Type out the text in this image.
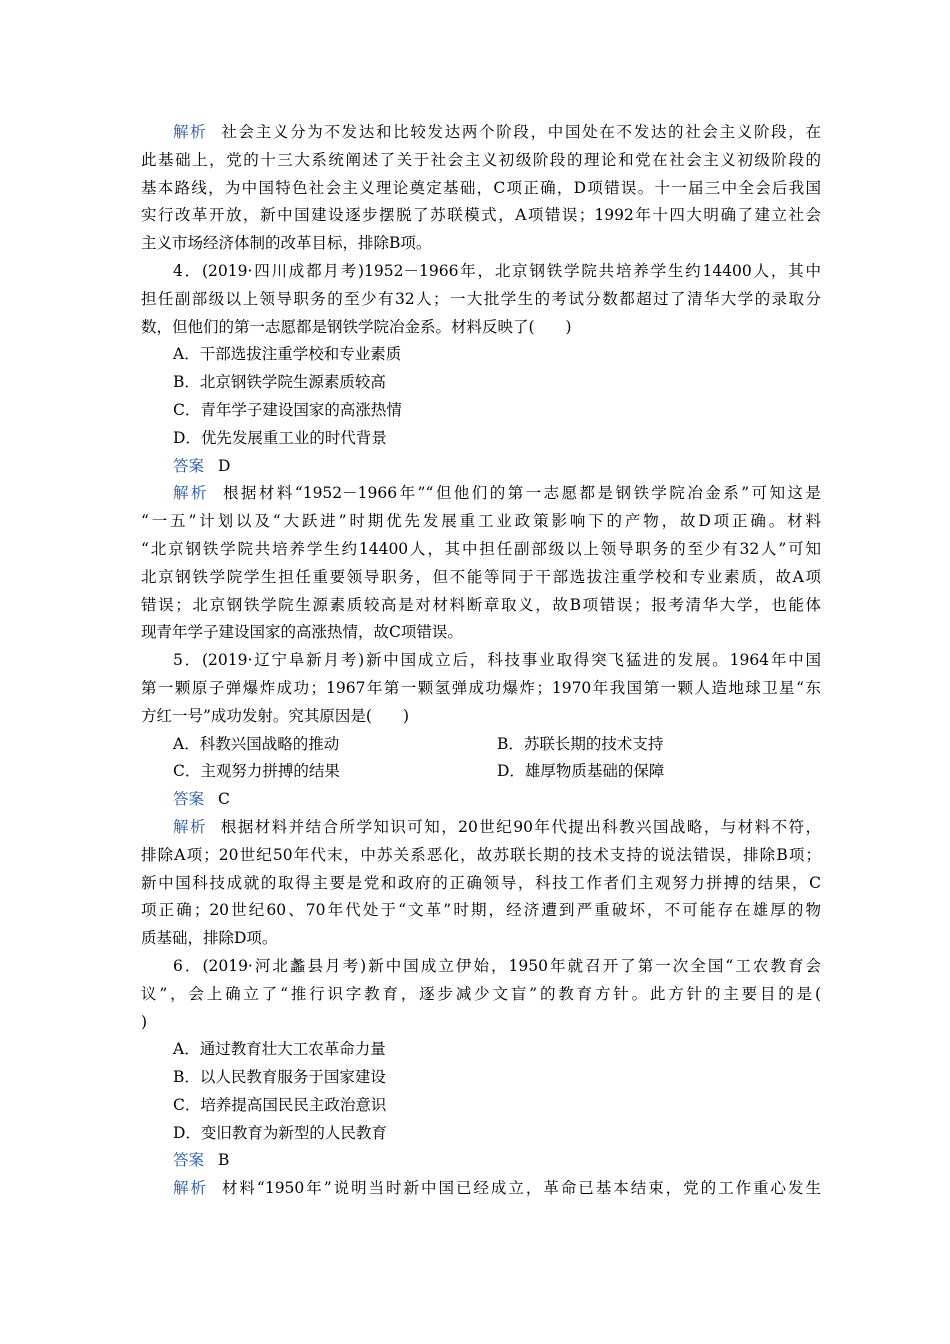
解析 社会主义分为不发达和比较发达两个阶段，中国处在不发达的社会主义阶段，在
此基础上，党的十三大系统阐述了关于社会主义初级阶段的理论和党在社会主义初级阶段的
基本路线，为中国特色社会主义理论奠定基础，C项正确，D项错误。十一届三中全会后我国
实行改革开放，新中国建设逐步摆脱了苏联模式，A项错误；1992年十四大明确了建立社会
主义市场经济体制的改革目标，排除B项。
4．(2019·四川成都月考)1952－1966年，北京钢铁学院共培养学生约14400人，其中
担任副部级以上领导职务的至少有32人；一大批学生的考试分数都超过了清华大学的录取分
数，但他们的第一志愿都是钢铁学院冶金系。材料反映了(　　)
A．干部选拔注重学校和专业素质
B．北京钢铁学院生源素质较高
C．青年学子建设国家的高涨热情
D．优先发展重工业的时代背景
答案 D
解析 根据材料“1952－1966年”“但他们的第一志愿都是钢铁学院冶金系”可知这是
“一五”计划以及“大跃进”时期优先发展重工业政策影响下的产物，故D项正确。材料
“北京钢铁学院共培养学生约14400人，其中担任副部级以上领导职务的至少有32人”可知
北京钢铁学院学生担任重要领导职务，但不能等同于干部选拔注重学校和专业素质，故A项
错误；北京钢铁学院生源素质较高是对材料断章取义，故B项错误；报考清华大学，也能体
现青年学子建设国家的高涨热情，故C项错误。
5．(2019·辽宁阜新月考)新中国成立后，科技事业取得突飞猛进的发展。1964年中国
第一颗原子弹爆炸成功；1967年第一颗氢弹成功爆炸；1970年我国第一颗人造地球卫星“东
方红一号”成功发射。究其原因是(　　)
A．科教兴国战略的推动	B．苏联长期的技术支持
C．主观努力拼搏的结果	D．雄厚物质基础的保障
答案 C
解析 根据材料并结合所学知识可知，20世纪90年代提出科教兴国战略，与材料不符，
排除A项；20世纪50年代末，中苏关系恶化，故苏联长期的技术支持的说法错误，排除B项；
新中国科技成就的取得主要是党和政府的正确领导，科技工作者们主观努力拼搏的结果，C
项正确；20世纪60、70年代处于“文革”时期，经济遭到严重破坏，不可能存在雄厚的物
质基础，排除D项。
6．(2019·河北蠡县月考)新中国成立伊始，1950年就召开了第一次全国“工农教育会
议”，会上确立了“推行识字教育，逐步减少文盲”的教育方针。此方针的主要目的是(
)
A．通过教育壮大工农革命力量
B．以人民教育服务于国家建设
C．培养提高国民民主政治意识
D．变旧教育为新型的人民教育
答案 B
解析 材料“1950年”说明当时新中国已经成立，革命已基本结束，党的工作重心发生
